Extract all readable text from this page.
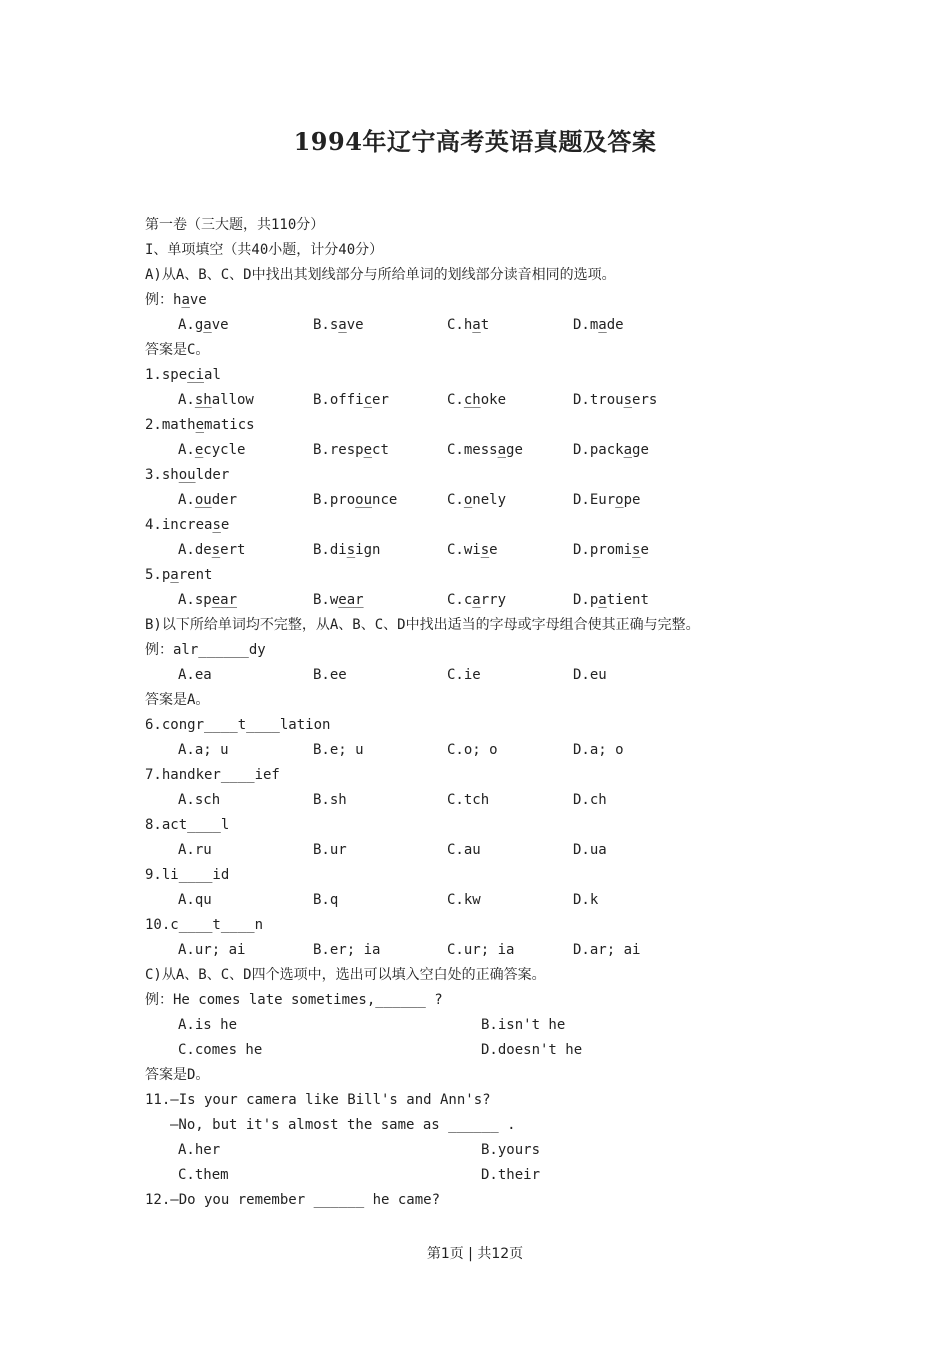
1994年辽宁高考英语真题及答案
第一卷（三大题，共110分）
I、单项填空（共40小题，计分40分）
A)从A、B、C、D中找出其划线部分与所给单词的划线部分读音相同的选项。
例：have
A.gave	B.save	C.hat	D.made
答案是C。
1.special
A.shallow	B.officer	C.choke	D.trousers
2.mathematics
A.ecycle	B.respect	C.message	D.package
3.shoulder
A.ouder	B.proounce	C.onely	D.Europe
4.increase
A.desert	B.disign	C.wise	D.promise
5.parent
A.spear	B.wear	C.carry	D.patient
B)以下所给单词均不完整，从A、B、C、D中找出适当的字母或字母组合使其正确与完整。
例：alr______dy
A.ea	B.ee	C.ie	D.eu
答案是A。
6.congr____t____lation
A.a; u	B.e; u	C.o; o	D.a; o
7.handker____ief
A.sch	B.sh	C.tch	D.ch
8.act____l
A.ru	B.ur	C.au	D.ua
9.li____id
A.qu	B.q	C.kw	D.k
10.c____t____n
A.ur; ai	B.er; ia	C.ur; ia	D.ar; ai
C)从A、B、C、D四个选项中，选出可以填入空白处的正确答案。
例：He comes late sometimes,______ ?
A.is he	B.isn't he
C.comes he	D.doesn't he
答案是D。
11.—Is your camera like Bill's and Ann's?
—No, but it's almost the same as ______ .
A.her	B.yours
C.them	D.their
12.—Do you remember ______ he came?
第1页 | 共12页
